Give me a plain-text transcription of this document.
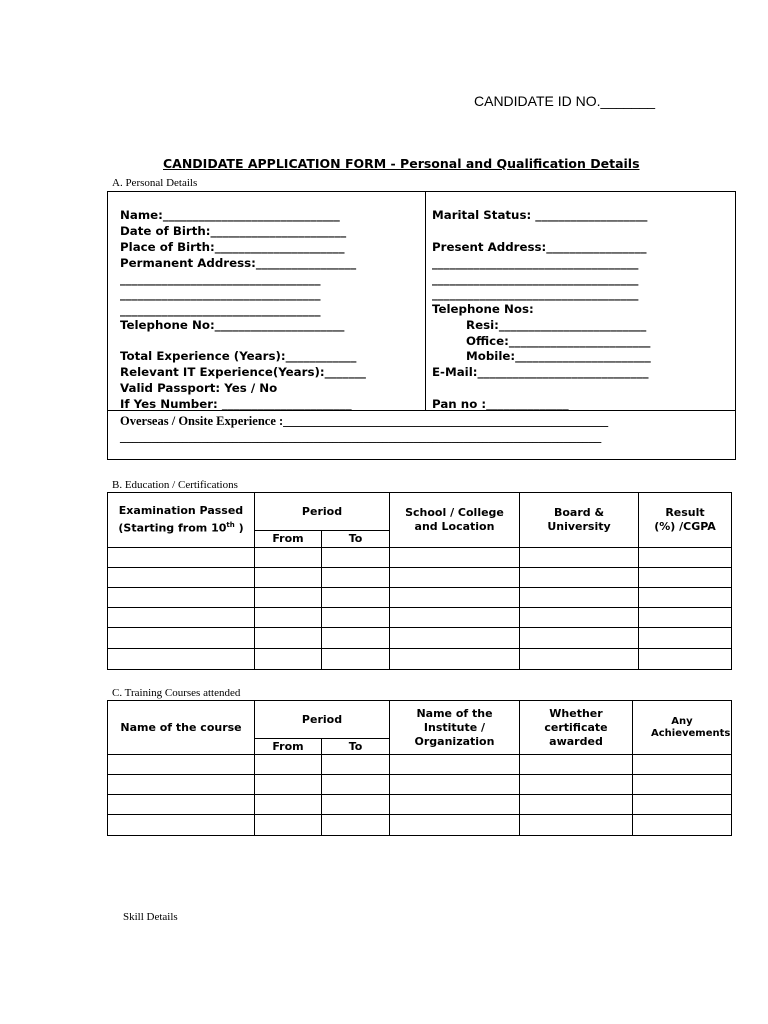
CANDIDATE ID NO._______
CANDIDATE APPLICATION FORM - Personal and Qualification Details
A. Personal Details
Name:______________________________
Date of Birth:_______________________
Place of Birth:______________________
Permanent Address:_________________
__________________________________
__________________________________
__________________________________
Telephone No:______________________
Total Experience (Years):____________
Relevant IT Experience(Years):_______
Valid Passport: Yes / No
If Yes Number: ______________________
Marital Status: ___________________
Present Address:_________________
___________________________________
___________________________________
___________________________________
Telephone Nos:
Resi:_________________________
Office:________________________
Mobile:_______________________
E-Mail:_____________________________
Pan no :______________
Overseas / Onsite Experience :____________________________________________________
_____________________________________________________________________________
B. Education / Certifications
Examination Passed
(Starting from 10th )	Period		School / College and Location	Board & University	Result (%) /CGPA
	From	To			

C. Training Courses attended
Name of the course	Period		Name of the Institute / Organization	Whether certificate awarded	Any Achievements
	From	To			

Skill Details
